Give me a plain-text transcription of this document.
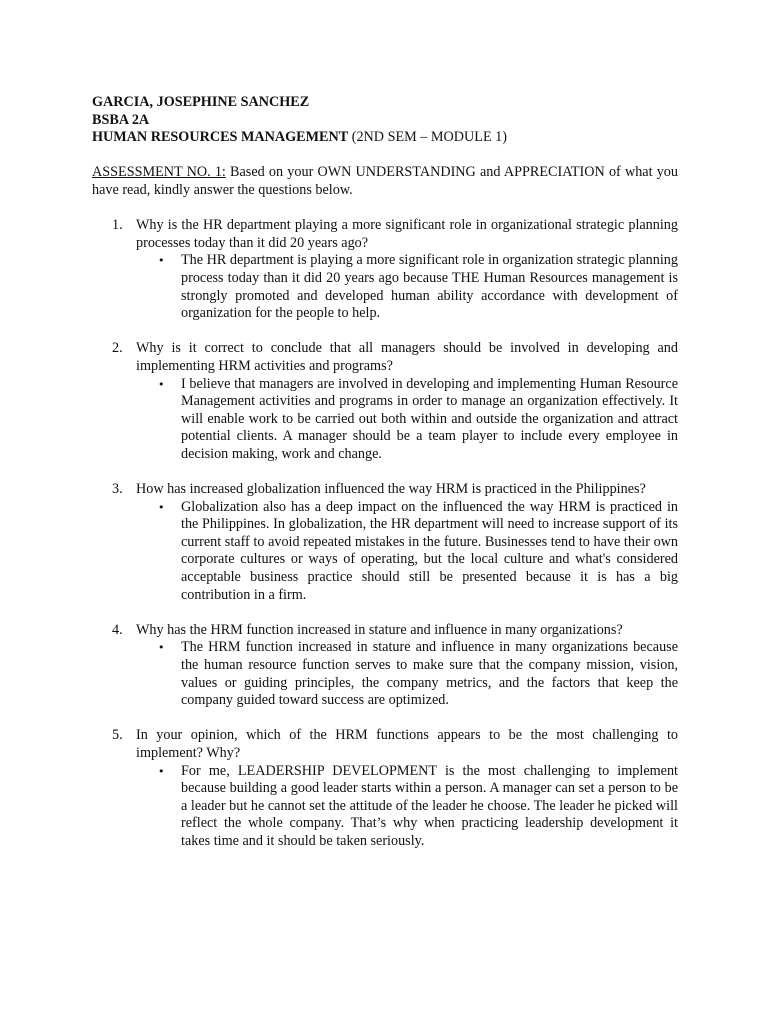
GARCIA, JOSEPHINE SANCHEZ
BSBA 2A
HUMAN RESOURCES MANAGEMENT (2ND SEM – MODULE 1)
ASSESSMENT NO. 1: Based on your OWN UNDERSTANDING and APPRECIATION of what you have read, kindly answer the questions below.
1. Why is the HR department playing a more significant role in organizational strategic planning processes today than it did 20 years ago?
• The HR department is playing a more significant role in organization strategic planning process today than it did 20 years ago because THE Human Resources management is strongly promoted and developed human ability accordance with development of organization for the people to help.
2. Why is it correct to conclude that all managers should be involved in developing and implementing HRM activities and programs?
• I believe that managers are involved in developing and implementing Human Resource Management activities and programs in order to manage an organization effectively. It will enable work to be carried out both within and outside the organization and attract potential clients. A manager should be a team player to include every employee in decision making, work and change.
3. How has increased globalization influenced the way HRM is practiced in the Philippines?
• Globalization also has a deep impact on the influenced the way HRM is practiced in the Philippines. In globalization, the HR department will need to increase support of its current staff to avoid repeated mistakes in the future. Businesses tend to have their own corporate cultures or ways of operating, but the local culture and what's considered acceptable business practice should still be presented because it is has a big contribution in a firm.
4. Why has the HRM function increased in stature and influence in many organizations?
• The HRM function increased in stature and influence in many organizations because the human resource function serves to make sure that the company mission, vision, values or guiding principles, the company metrics, and the factors that keep the company guided toward success are optimized.
5. In your opinion, which of the HRM functions appears to be the most challenging to implement? Why?
• For me, LEADERSHIP DEVELOPMENT is the most challenging to implement because building a good leader starts within a person. A manager can set a person to be a leader but he cannot set the attitude of the leader he choose. The leader he picked will reflect the whole company. That’s why when practicing leadership development it takes time and it should be taken seriously.
